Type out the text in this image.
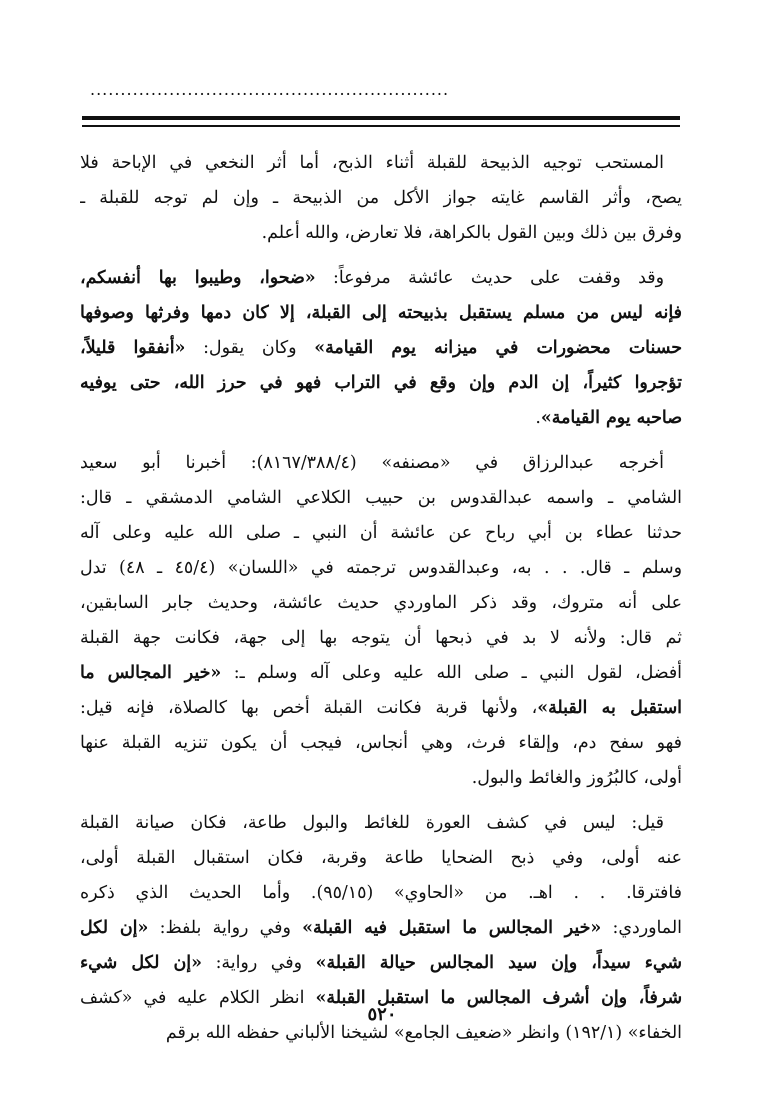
...........................................................
المستحب توجيه الذبيحة للقبلة أثناء الذبح، أما أثر النخعي في الإباحة فلا
يصح، وأثر القاسم غايته جواز الأكل من الذبيحة ـ وإن لم توجه للقبلة ـ
وفرق بين ذلك وبين القول بالكراهة، فلا تعارض، والله أعلم.
وقد وقفت على حديث عائشة مرفوعاً: «ضحوا، وطيبوا بها أنفسكم،
فإنه ليس من مسلم يستقبل بذبيحته إلى القبلة، إلا كان دمها وفرثها وصوفها
حسنات محضورات في ميزانه يوم القيامة» وكان يقول: «أنفقوا قليلاً،
تؤجروا كثيراً، إن الدم وإن وقع في التراب فهو في حرز الله، حتى يوفيه
صاحبه يوم القيامة».
أخرجه عبدالرزاق في «مصنفه» (٨١٦٧/٣٨٨/٤): أخبرنا أبو سعيد
الشامي ـ واسمه عبدالقدوس بن حبيب الكلاعي الشامي الدمشقي ـ قال:
حدثنا عطاء بن أبي رباح عن عائشة أن النبي ـ صلى الله عليه وعلى آله
وسلم ـ قال. . . به، وعبدالقدوس ترجمته في «اللسان» (٤٥/٤ ـ ٤٨) تدل
على أنه متروك، وقد ذكر الماوردي حديث عائشة، وحديث جابر السابقين،
ثم قال: ولأنه لا بد في ذبحها أن يتوجه بها إلى جهة، فكانت جهة القبلة
أفضل، لقول النبي ـ صلى الله عليه وعلى آله وسلم ـ: «خير المجالس ما
استقبل به القبلة»، ولأنها قربة فكانت القبلة أخص بها كالصلاة، فإنه قيل:
فهو سفح دم، وإلقاء فرث، وهي أنجاس، فيجب أن يكون تنزيه القبلة عنها
أولى، كالبُرُوز والغائط والبول.
قيل: ليس في كشف العورة للغائط والبول طاعة، فكان صيانة القبلة
عنه أولى، وفي ذبح الضحايا طاعة وقربة، فكان استقبال القبلة أولى،
فافترقا. . . اهـ. من «الحاوي» (٩٥/١٥). وأما الحديث الذي ذكره
الماوردي: «خير المجالس ما استقبل فيه القبلة» وفي رواية بلفظ: «إن لكل
شيء سيداً، وإن سيد المجالس حيالة القبلة» وفي رواية: «إن لكل شيء
شرفاً، وإن أشرف المجالس ما استقبل القبلة» انظر الكلام عليه في «كشف
الخفاء» (١٩٢/١) وانظر «ضعيف الجامع» لشيخنا الألباني حفظه الله برقم
٥٢٠
